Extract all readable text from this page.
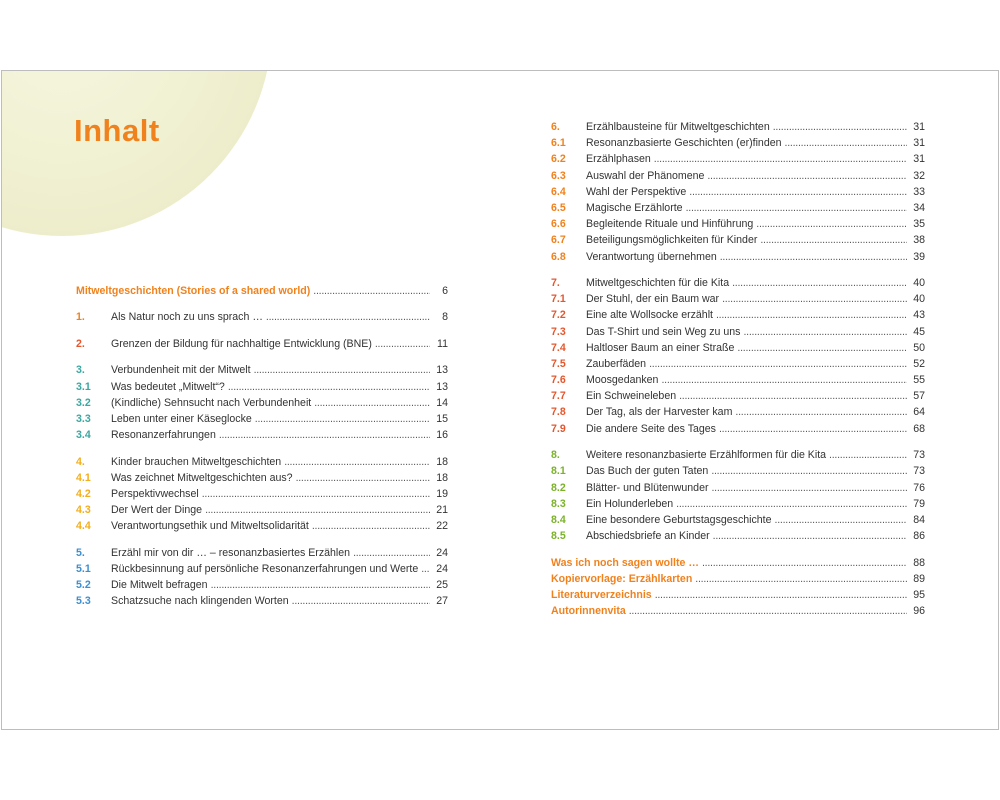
Inhalt
Mitweltgeschichten (Stories of a shared world) . . .	6
1.	Als Natur noch zu uns sprach … . . .	8
2.	Grenzen der Bildung für nachhaltige Entwicklung (BNE) . . .	11
3.	Verbundenheit mit der Mitwelt . . .	13
3.1	Was bedeutet „Mitwelt“? . . .	13
3.2	(Kindliche) Sehnsucht nach Verbundenheit . . .	14
3.3	Leben unter einer Käseglocke . . .	15
3.4	Resonanzerfahrungen . . .	16
4.	Kinder brauchen Mitweltgeschichten . . .	18
4.1	Was zeichnet Mitweltgeschichten aus? . . .	18
4.2	Perspektivwechsel . . .	19
4.3	Der Wert der Dinge . . .	21
4.4	Verantwortungsethik und Mitweltsolidarität . . .	22
5.	Erzähl mir von dir … – resonanzbasiertes Erzählen . . .	24
5.1	Rückbesinnung auf persönliche Resonanzerfahrungen und Werte . . . 24
5.2	Die Mitwelt befragen . . .	25
5.3	Schatzsuche nach klingenden Worten . . .	27
6.	Erzählbausteine für Mitweltgeschichten . . .	31
6.1	Resonanzbasierte Geschichten (er)finden . . .	31
6.2	Erzählphasen . . .	31
6.3	Auswahl der Phänomene . . .	32
6.4	Wahl der Perspektive . . .	33
6.5	Magische Erzählorte . . .	34
6.6	Begleitende Rituale und Hinführung . . .	35
6.7	Beteiligungsmöglichkeiten für Kinder . . .	38
6.8	Verantwortung übernehmen . . .	39
7.	Mitweltgeschichten für die Kita . . .	40
7.1	Der Stuhl, der ein Baum war . . .	40
7.2	Eine alte Wollsocke erzählt . . .	43
7.3	Das T-Shirt und sein Weg zu uns . . .	45
7.4	Haltloser Baum an einer Straße . . .	50
7.5	Zauberfäden . . .	52
7.6	Moosgedanken . . .	55
7.7	Ein Schweineleben . . .	57
7.8	Der Tag, als der Harvester kam . . .	64
7.9	Die andere Seite des Tages . . .	68
8.	Weitere resonanzbasierte Erzählformen für die Kita . . .	73
8.1	Das Buch der guten Taten . . .	73
8.2	Blätter- und Blütenwunder . . .	76
8.3	Ein Holunderleben . . .	79
8.4	Eine besondere Geburtstagsgeschichte . . .	84
8.5	Abschiedsbriefe an Kinder . . .	86
Was ich noch sagen wollte … . . .	88
Kopiervorlage: Erzählkarten . . .	89
Literaturverzeichnis . . .	95
Autorinnenvita . . .	96
